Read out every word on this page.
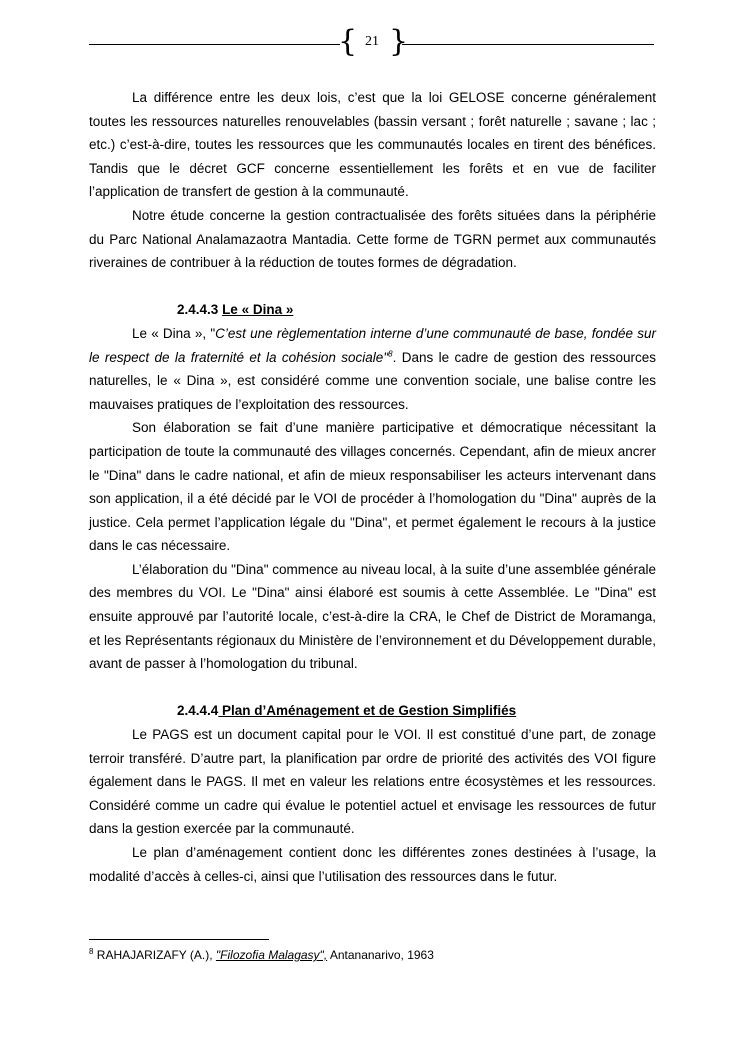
{ 21 }

La différence entre les deux lois, c’est que la loi GELOSE concerne généralement toutes les ressources naturelles renouvelables (bassin versant ; forêt naturelle ; savane ; lac ; etc.) c’est-à-dire, toutes les ressources que les communautés locales en tirent des bénéfices. Tandis que le décret GCF concerne essentiellement les forêts et en vue de faciliter l’application de transfert de gestion à la communauté.

Notre étude concerne la gestion contractualisée des forêts situées dans la périphérie du Parc National Analamazaotra Mantadia. Cette forme de TGRN permet aux communautés riveraines de contribuer à la réduction de toutes formes de dégradation.

2.4.4.3 Le « Dina »

Le « Dina », "C’est une règlementation interne d’une communauté de base, fondée sur le respect de la fraternité et la cohésion sociale"$^8$. Dans le cadre de gestion des ressources naturelles, le « Dina », est considéré comme une convention sociale, une balise contre les mauvaises pratiques de l’exploitation des ressources.

Son élaboration se fait d’une manière participative et démocratique nécessitant la participation de toute la communauté des villages concernés. Cependant, afin de mieux ancrer le "Dina" dans le cadre national, et afin de mieux responsabiliser les acteurs intervenant dans son application, il a été décidé par le VOI de procéder à l’homologation du "Dina" auprès de la justice. Cela permet l’application légale du "Dina", et permet également le recours à la justice dans le cas nécessaire.

L’élaboration du "Dina" commence au niveau local, à la suite d’une assemblée générale des membres du VOI. Le "Dina" ainsi élaboré est soumis à cette Assemblée. Le "Dina" est ensuite approuvé par l’autorité locale, c’est-à-dire la CRA, le Chef de District de Moramanga, et les Représentants régionaux du Ministère de l’environnement et du Développement durable, avant de passer à l’homologation du tribunal.

2.4.4.4 Plan d’Aménagement et de Gestion Simplifiés

Le PAGS est un document capital pour le VOI. Il est constitué d’une part, de zonage terroir transféré. D’autre part, la planification par ordre de priorité des activités des VOI figure également dans le PAGS. Il met en valeur les relations entre écosystèmes et les ressources. Considéré comme un cadre qui évalue le potentiel actuel et envisage les ressources de futur dans la gestion exercée par la communauté.

Le plan d’aménagement contient donc les différentes zones destinées à l’usage, la modalité d’accès à celles-ci, ainsi que l’utilisation des ressources dans le futur.

$^8$ RAHAJARIZAFY (A.), "Filozofia Malagasy", Antananarivo, 1963
